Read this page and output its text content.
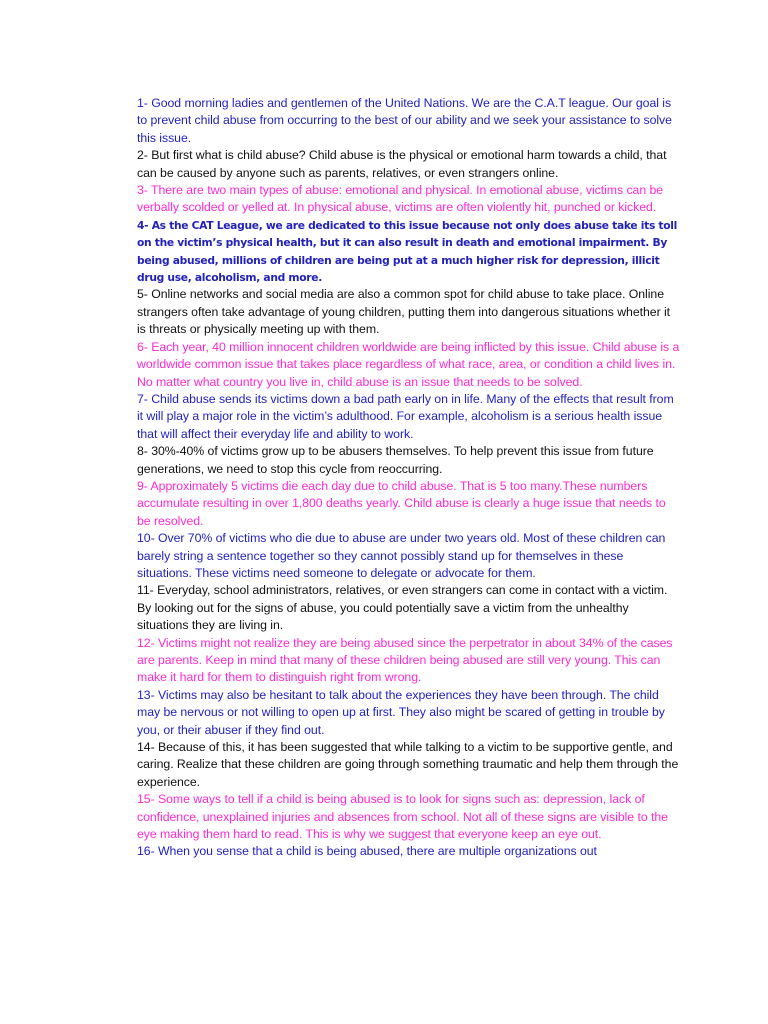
1- Good morning ladies and gentlemen of the United Nations. We are the C.A.T league. Our goal is to prevent child abuse from occurring to the best of our ability and we seek your assistance to solve this issue.

2- But first what is child abuse? Child abuse is the physical or emotional harm towards a child, that can be caused by anyone such as parents, relatives, or even strangers online.

3- There are two main types of abuse: emotional and physical. In emotional abuse, victims can be verbally scolded or yelled at. In physical abuse, victims are often violently hit, punched or kicked.

4- As the CAT League, we are dedicated to this issue because not only does abuse take its toll on the victim’s physical health, but it can also result in death and emotional impairment. By being abused, millions of children are being put at a much higher risk for depression, illicit drug use, alcoholism, and more.

5- Online networks and social media are also a common spot for child abuse to take place. Online strangers often take advantage of young children, putting them into dangerous situations whether it is threats or physically meeting up with them.

6- Each year, 40 million innocent children worldwide are being inflicted by this issue. Child abuse is a worldwide common issue that takes place regardless of what race, area, or condition a child lives in. No matter what country you live in, child abuse is an issue that needs to be solved.

7- Child abuse sends its victims down a bad path early on in life. Many of the effects that result from it will play a major role in the victim’s adulthood. For example, alcoholism is a serious health issue that will affect their everyday life and ability to work.

8- 30%-40% of victims grow up to be abusers themselves. To help prevent this issue from future generations, we need to stop this cycle from reoccurring.

9- Approximately 5 victims die each day due to child abuse. That is 5 too many.These numbers accumulate resulting in over 1,800 deaths yearly. Child abuse is clearly a huge issue that needs to be resolved.

10- Over 70% of victims who die due to abuse are under two years old. Most of these children can barely string a sentence together so they cannot possibly stand up for themselves in these situations. These victims need someone to delegate or advocate for them.

11- Everyday, school administrators, relatives, or even strangers can come in contact with a victim. By looking out for the signs of abuse, you could potentially save a victim from the unhealthy situations they are living in.

12- Victims might not realize they are being abused since the perpetrator in about 34% of the cases are parents. Keep in mind that many of these children being abused are still very young. This can make it hard for them to distinguish right from wrong.

13- Victims may also be hesitant to talk about the experiences they have been through. The child may be nervous or not willing to open up at first. They also might be scared of getting in trouble by you, or their abuser if they find out.

14- Because of this, it has been suggested that while talking to a victim to be supportive gentle, and caring. Realize that these children are going through something traumatic and help them through the experience.

15- Some ways to tell if a child is being abused is to look for signs such as: depression, lack of confidence, unexplained injuries and absences from school. Not all of these signs are visible to the eye making them hard to read. This is why we suggest that everyone keep an eye out.

16- When you sense that a child is being abused, there are multiple organizations out
